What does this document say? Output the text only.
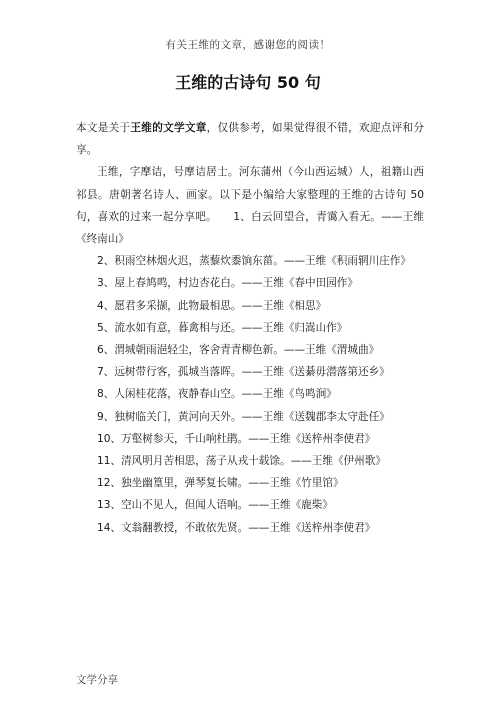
有关王维的文章，感谢您的阅读！
王维的古诗句 50 句

本文是关于王维的文学文章，仅供参考，如果觉得很不错，欢迎点评和分享。

王维，字摩诘，号摩诘居士。河东蒲州（今山西运城）人，祖籍山西祁县。唐朝著名诗人、画家。以下是小编给大家整理的王维的古诗句 50 句，喜欢的过来一起分享吧。　　1、白云回望合，青霭入看无。——王维《终南山》

2、积雨空林烟火迟，蒸藜炊黍饷东菑。——王维《积雨辋川庄作》

3、屋上春鸠鸣，村边杏花白。——王维《春中田园作》

4、愿君多采撷，此物最相思。——王维《相思》

5、流水如有意，暮禽相与还。——王维《归嵩山作》

6、渭城朝雨浥轻尘，客舍青青柳色新。——王维《渭城曲》

7、远树带行客，孤城当落晖。——王维《送綦毋潜落第还乡》

8、人闲桂花落，夜静春山空。——王维《鸟鸣涧》

9、独树临关门，黄河向天外。——王维《送魏郡李太守赴任》

10、万壑树参天，千山响杜鹃。——王维《送梓州李使君》

11、清风明月苦相思，荡子从戎十载馀。——王维《伊州歌》

12、独坐幽篁里，弹琴复长啸。——王维《竹里馆》

13、空山不见人，但闻人语响。——王维《鹿柴》

14、文翁翻教授，不敢依先贤。——王维《送梓州李使君》

文学分享
